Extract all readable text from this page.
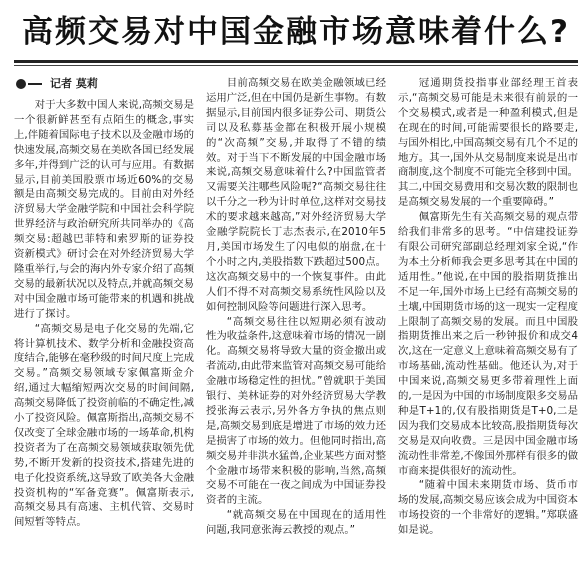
高频交易对中国金融市场意味着什么?
记者 莫莉

对于大多数中国人来说,高频交易是一个很新鲜甚至有点陌生的概念,事实上,伴随着国际电子技术以及金融市场的快速发展,高频交易在美欧各国已经发展多年,并得到广泛的认可与应用。有数据显示,目前美国股票市场近60%的交易额是由高频交易完成的。目前由对外经济贸易大学金融学院和中国社会科学院世界经济与政治研究所共同举办的《高频交易:超越巴菲特和索罗斯的证券投资新模式》研讨会在对外经济贸易大学隆重举行,与会的海内外专家介绍了高频交易的最新状况以及特点,并就高频交易对中国金融市场可能带来的机遇和挑战进行了探讨。

“高频交易是电子化交易的先端,它将计算机技术、数学分析和金融投资高度结合,能够在毫秒级的时间尺度上完成交易。”高频交易领域专家佩富斯金介绍,通过大幅缩短两次交易的时间间隔,高频交易降低了投资前临的不确定性,减小了投资风险。佩富斯指出,高频交易不仅改变了全球金融市场的一场革命,机构投资者为了在高频交易领域获取领先优势,不断开发新的投资技术,搭建先进的电子化投资系统,这导致了欧美各大金融投资机构的“军备竞赛”。佩富斯表示,高频交易具有高速、主机代管、交易时间短暂等特点。

目前高频交易在欧美金融领域已经运用广泛,但在中国仍是新生事物。有数据显示,目前国内很多证券公司、期货公司以及私募基金都在积极开展小规模的“次高频”交易,并取得了不错的绩效。对于当下不断发展的中国金融市场来说,高频交易意味着什么?中国监管者又需要关注哪些风险呢?“高频交易往往以千分之一秒为计时单位,这样对交易技术的要求越来越高,”对外经济贸易大学金融学院院长丁志杰表示,在2010年5月,美国市场发生了闪电似的崩盘,在十个小时之内,美股指数下跌超过500点。这次高频交易中的一个恢复事件。由此人们不得不对高频交易系统性风险以及如何控制风险等问题进行深入思考。

“高频交易往往以短期必须有波动性为收益条件,这意味着市场的情况一剧化。高频交易将导致大量的资金撤出或者流动,由此带来监管对高频交易可能给金融市场稳定性的担忧。”曾就职于美国银行、美林证券的对外经济贸易大学教授张海云表示,另外各方争执的焦点则是,高频交易到底是增进了市场的效力还是损害了市场的效力。但他同时指出,高频交易并非洪水猛兽,企业某些方面对整个金融市场带来积极的影响,当然,高频交易不可能在一夜之间成为中国证券投资者的主流。

“就高频交易在中国现在的适用性问题,我同意张海云教授的观点。”

冠通期货投指事业部经理王首表示,“高频交易可能是未来很有前景的一个交易模式,或者是一种盈利模式,但是在现在的时间,可能需要很长的路要走,与国外相比,中国高频交易有几个不足的地方。其一,国外从交易制度来说是出市商制度,这个制度不可能完全移到中国。其二,中国交易费用和交易次数的限制也是高频交易发展的一个重要障碍。”

佩富斯先生有关高频交易的观点带给我们非常多的思考。“中信建投证券有限公司研究部副总经理刘家全说,“作为本土分析师我会更多思考其在中国的适用性。”他说,在中国的股指期货推出不足一年,国外市场上已经有高频交易的土壤,中国期货市场的这一现实一定程度上限制了高频交易的发展。而且中国股指期货推出来之后一秒钟报价和成交4次,这在一定意义上意味着高频交易有了市场基础,流动性基础。他还认为,对于中国来说,高频交易更多带着理性上面的,一是因为中国的市场制度限多交易品种是T+1的,仅有股指期货是T+0,二是因为我们交易成本比较高,股指期货每次交易是双向收费。三是因中国金融市场流动性非常差,不像国外那样有很多的做市商来提供很好的流动性。

“随着中国未来期货市场、货币市场的发展,高频交易应该会成为中国资本市场投资的一个非常好的逻辑。”郑联盛如是说。
